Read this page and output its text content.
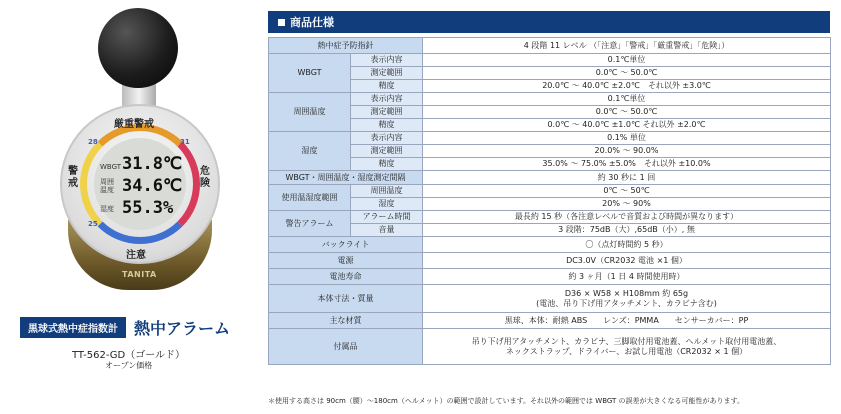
TANITA
厳重警戒
警戒
危険
注意
28	31
25
WBGT 31.8℃
周囲
温度 34.6℃
湿度 55.3%
黒球式熱中症指数計	熱中アラーム
TT-562-GD（ゴールド）
オープン価格
商品仕様
熱中症予防指針		4 段階 11 レベル （「注意」「警戒」「厳重警戒」「危険」）
WBGT	表示内容	0.1℃単位
	測定範囲	0.0℃ ～ 50.0℃
	精度	20.0℃ ～ 40.0℃ ±2.0℃　それ以外 ±3.0℃
周囲温度	表示内容	0.1℃単位
	測定範囲	0.0℃ ～ 50.0℃
	精度	0.0℃ ～ 40.0℃ ±1.0℃ それ以外 ±2.0℃
湿度	表示内容	0.1% 単位
	測定範囲	20.0% ～ 90.0%
	精度	35.0% ～ 75.0% ±5.0%　それ以外 ±10.0%
WBGT・周囲温度・湿度測定間隔		約 30 秒に 1 回
使用温湿度範囲	周囲温度	0℃ ～ 50℃
	湿度	20% ～ 90%
警告アラーム	アラーム時間	最長約 15 秒（各注意レベルで音質および時間が異なります）
	音量	3 段階：75dB（大）,65dB（小）, 無
バックライト		〇（点灯時間約 5 秒）
電源		DC3.0V（CR2032 電池 ×1 個）
電池寿命		約 3 ヶ月（1 日 4 時間使用時）
本体寸法・質量		D36 × W58 × H108mm 約 65g
(電池、吊り下げ用アタッチメント、カラビナ含む)

主な材質		黒球、本体：耐熱 ABS　　レンズ：PMMA　　センサーカバー：PP
付属品		吊り下げ用アタッチメント、カラビナ、三脚取付用電池蓋、ヘルメット取付用電池蓋、
ネックストラップ、ドライバー、お試し用電池（CR2032 × 1 個）
＊使用する高さは 90cm（腰）～180cm（ヘルメット）の範囲で設計しています。それ以外の範囲では WBGT の誤差が大きくなる可能性があります。
